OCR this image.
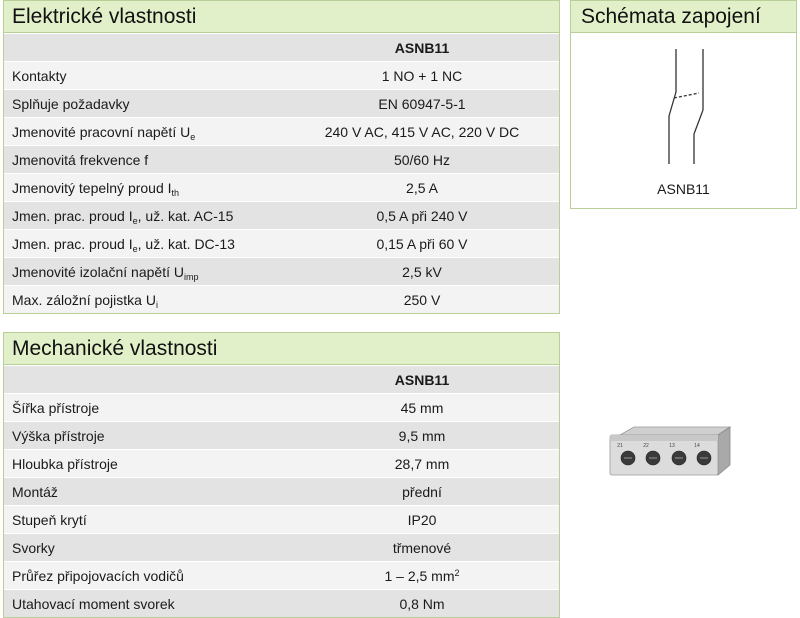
Elektrické vlastnosti
	ASNB11
Kontakty	1 NO + 1 NC
Splňuje požadavky	EN 60947-5-1
Jmenovité pracovní napětí $U_e$	240 V AC, 415 V AC, 220 V DC
Jmenovitá frekvence f	50/60 Hz
Jmenovitý tepelný proud $I_{th}$	2,5 A
Jmen. prac. proud $I_e$, už. kat. AC-15	0,5 A při 240 V
Jmen. prac. proud $I_e$, už. kat. DC-13	0,15 A při 60 V
Jmenovité izolační napětí $U_{imp}$	2,5 kV
Max. záložní pojistka $U_i$	250 V
Schémata zapojení
ASNB11
Mechanické vlastnosti
	ASNB11
Šířka přístroje	45 mm
Výška přístroje	9,5 mm
Hloubka přístroje	28,7 mm
Montáž	přední
Stupeň krytí	IP20
Svorky	třmenové
Průřez připojovacích vodičů	1 – 2,5 $mm^2$
Utahovací moment svorek	0,8 Nm
21	22	13	14
